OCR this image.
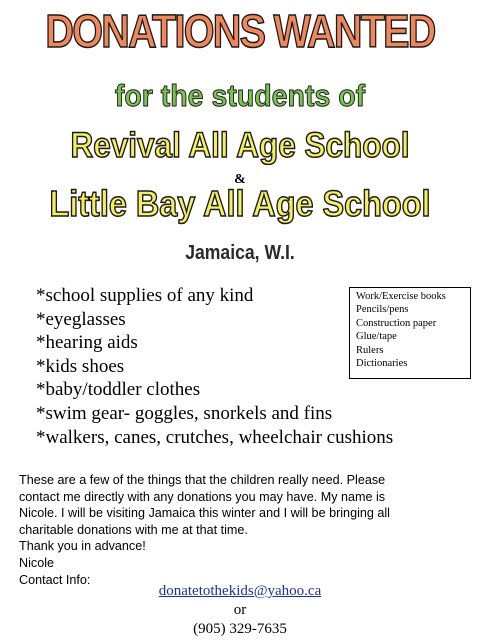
DONATIONS WANTED
for the students of
Revival All Age School
&
Little Bay All Age School
Jamaica, W.I.
*school supplies of any kind
*eyeglasses
*hearing aids
*kids shoes
*baby/toddler clothes
*swim gear- goggles, snorkels and fins
*walkers, canes, crutches, wheelchair cushions
Work/Exercise books
Pencils/pens
Construction paper
Glue/tape
Rulers
Dictionaries
These are a few of the things that the children really need. Please
contact me directly with any donations you may have. My name is
Nicole. I will be visiting Jamaica this winter and I will be bringing all
charitable donations with me at that time.
Thank you in advance!
Nicole
Contact Info:
donatetothekids@yahoo.ca
or
(905) 329-7635
